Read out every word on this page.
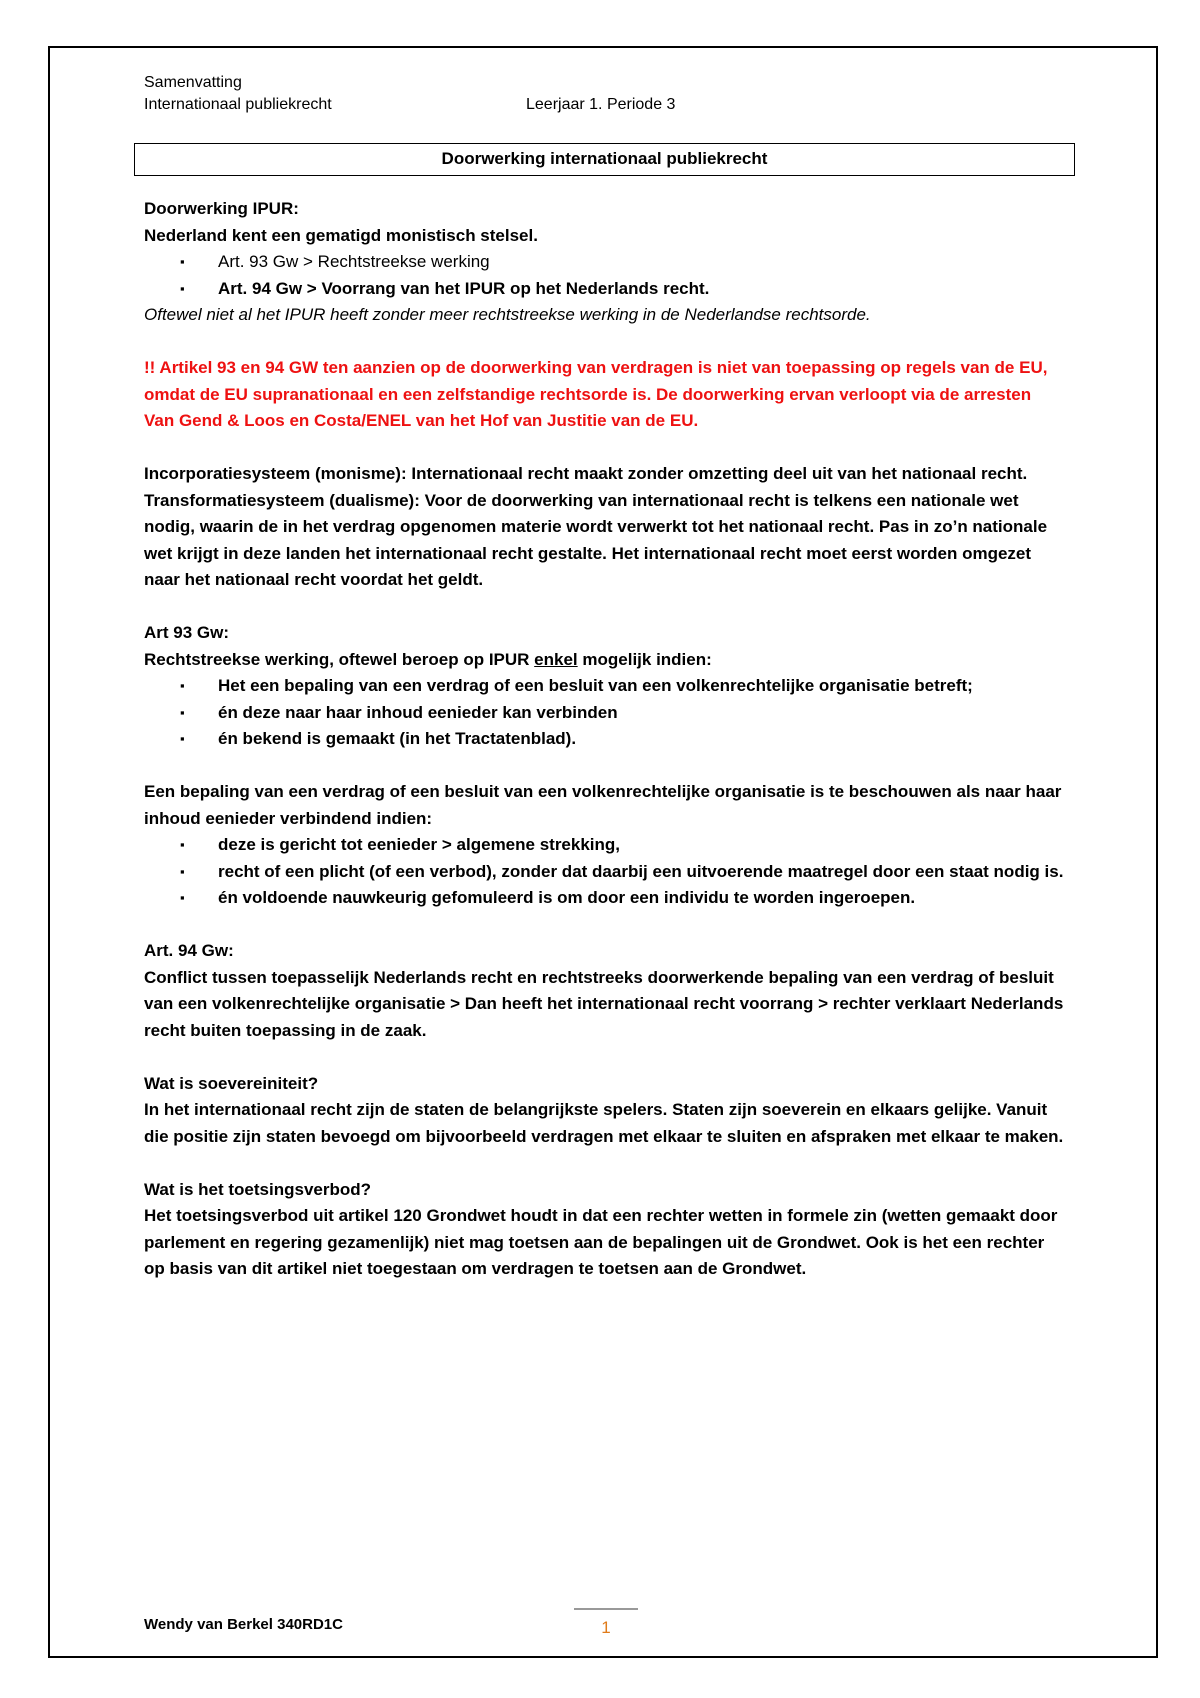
Samenvatting
Internationaal publiekrecht	Leerjaar 1. Periode 3
Doorwerking internationaal publiekrecht

Doorwerking IPUR:

Nederland kent een gematigd monistisch stelsel.

▪ Art. 93 Gw > Rechtstreekse werking
▪ Art. 94 Gw > Voorrang van het IPUR op het Nederlands recht.

Oftewel niet al het IPUR heeft zonder meer rechtstreekse werking in de Nederlandse rechtsorde.

!! Artikel 93 en 94 GW ten aanzien op de doorwerking van verdragen is niet van toepassing op regels van de EU, omdat de EU supranationaal en een zelfstandige rechtsorde is. De doorwerking ervan verloopt via de arresten Van Gend & Loos en Costa/ENEL van het Hof van Justitie van de EU.

Incorporatiesysteem (monisme): Internationaal recht maakt zonder omzetting deel uit van het nationaal recht.

Transformatiesysteem (dualisme): Voor de doorwerking van internationaal recht is telkens een nationale wet nodig, waarin de in het verdrag opgenomen materie wordt verwerkt tot het nationaal recht. Pas in zo’n nationale wet krijgt in deze landen het internationaal recht gestalte. Het internationaal recht moet eerst worden omgezet naar het nationaal recht voordat het geldt.

Art 93 Gw:

Rechtstreekse werking, oftewel beroep op IPUR enkel mogelijk indien:

▪ Het een bepaling van een verdrag of een besluit van een volkenrechtelijke organisatie betreft;
▪ én deze naar haar inhoud eenieder kan verbinden
▪ én bekend is gemaakt (in het Tractatenblad).

Een bepaling van een verdrag of een besluit van een volkenrechtelijke organisatie is te beschouwen als naar haar inhoud eenieder verbindend indien:

▪ deze is gericht tot eenieder > algemene strekking,
▪ recht of een plicht (of een verbod), zonder dat daarbij een uitvoerende maatregel door een staat nodig is.
▪ én voldoende nauwkeurig gefomuleerd is om door een individu te worden ingeroepen.

Art. 94 Gw:

Conflict tussen toepasselijk Nederlands recht en rechtstreeks doorwerkende bepaling van een verdrag of besluit van een volkenrechtelijke organisatie > Dan heeft het internationaal recht voorrang > rechter verklaart Nederlands recht buiten toepassing in de zaak.

Wat is soevereiniteit?

In het internationaal recht zijn de staten de belangrijkste spelers. Staten zijn soeverein en elkaars gelijke. Vanuit die positie zijn staten bevoegd om bijvoorbeeld verdragen met elkaar te sluiten en afspraken met elkaar te maken.

Wat is het toetsingsverbod?

Het toetsingsverbod uit artikel 120 Grondwet houdt in dat een rechter wetten in formele zin (wetten gemaakt door parlement en regering gezamenlijk) niet mag toetsen aan de bepalingen uit de Grondwet. Ook is het een rechter op basis van dit artikel niet toegestaan om verdragen te toetsen aan de Grondwet.

Wendy van Berkel 340RD1C	1
